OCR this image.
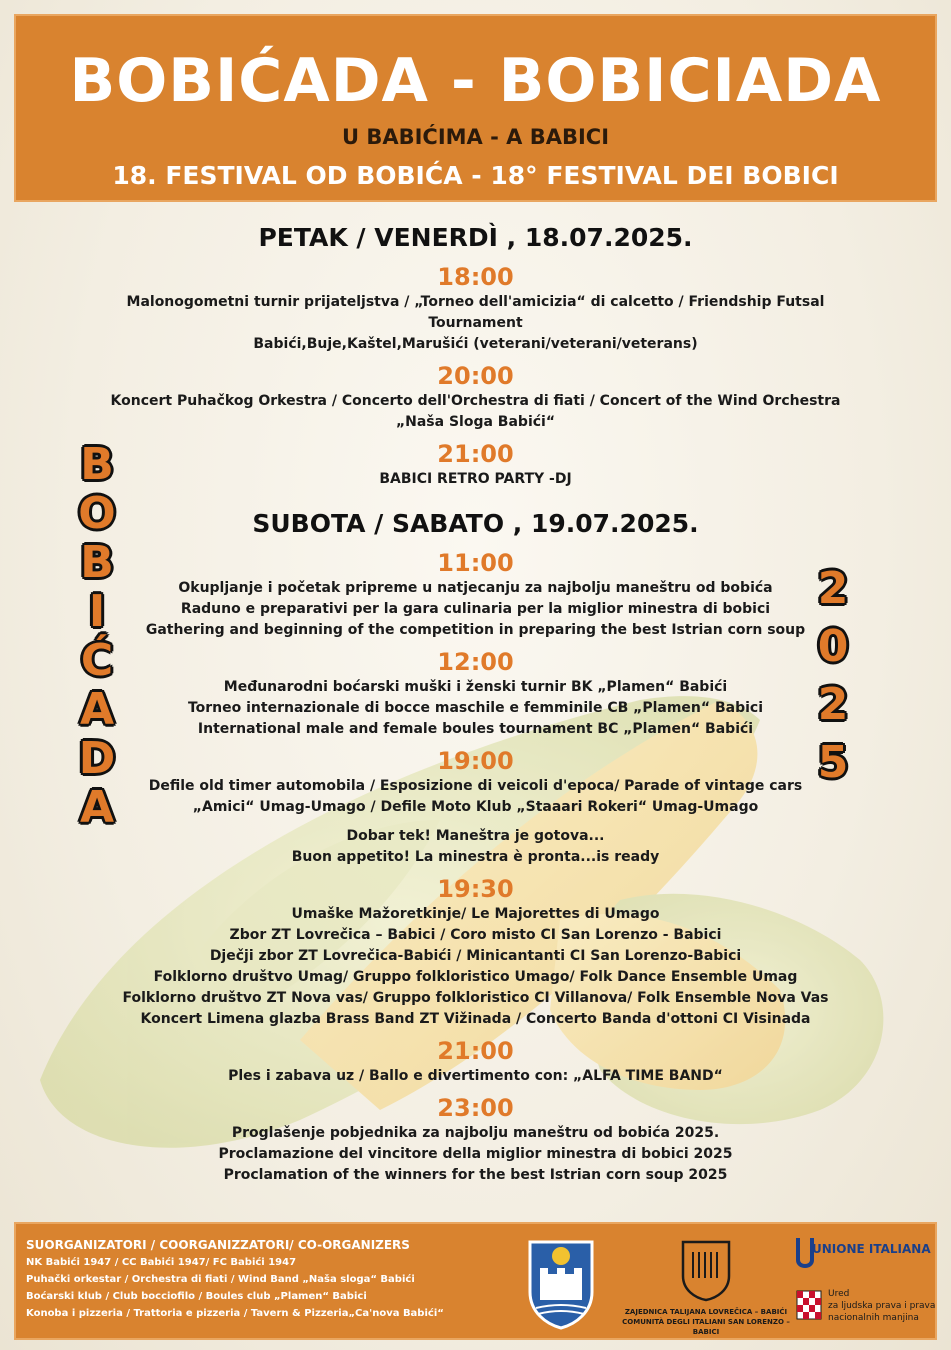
BOBIĆADA - BOBICIADA
U BABIĆIMA - A BABICI
18. FESTIVAL OD BOBIĆA - 18° FESTIVAL DEI BOBICI
B
O
B
I
Ć
A
D
A
2
0
2
5
PETAK / VENERDÌ , 18.07.2025.
18:00
Malonogometni turnir prijateljstva / „Torneo dell'amicizia“ di calcetto / Friendship Futsal Tournament
Babići,Buje,Kaštel,Marušići (veterani/veterani/veterans)
20:00
Koncert Puhačkog Orkestra / Concerto dell'Orchestra di fiati / Concert of the Wind Orchestra
„Naša Sloga Babići“
21:00
BABICI RETRO PARTY -DJ
SUBOTA / SABATO , 19.07.2025.
11:00
Okupljanje i početak pripreme u natjecanju za najbolju maneštru od bobića
Raduno e preparativi per la gara culinaria per la miglior minestra di bobici
Gathering and beginning of the competition in preparing the best Istrian corn soup
12:00
Međunarodni boćarski muški i ženski turnir BK „Plamen“ Babići
Torneo internazionale di bocce maschile e femminile CB „Plamen“ Babici
International male and female boules tournament BC „Plamen“ Babići
19:00
Defile old timer automobila / Esposizione di veicoli d'epoca/ Parade of vintage cars
„Amici“ Umag-Umago / Defile Moto Klub „Staaari Rokeri“ Umag-Umago
Dobar tek! Maneštra je gotova...
Buon appetito! La minestra è pronta...is ready
19:30
Umaške Mažoretkinje/ Le Majorettes di Umago
Zbor ZT Lovrečica – Babici / Coro misto CI San Lorenzo - Babici
Dječji zbor ZT Lovrečica-Babići / Minicantanti CI San Lorenzo-Babici
Folklorno društvo Umag/ Gruppo folkloristico Umago/ Folk Dance Ensemble Umag
Folklorno društvo ZT Nova vas/ Gruppo folkloristico CI Villanova/ Folk Ensemble Nova Vas
Koncert Limena glazba Brass Band ZT Vižinada / Concerto Banda d'ottoni CI Visinada
21:00
Ples i zabava uz / Ballo e divertimento con: „ALFA TIME BAND“
23:00
Proglašenje pobjednika za najbolju maneštru od bobića 2025.
Proclamazione del vincitore della miglior minestra di bobici 2025
Proclamation of the winners for the best Istrian corn soup 2025
SUORGANIZATORI / COORGANIZZATORI/ CO-ORGANIZERS
NK Babići 1947 / CC Babići 1947/ FC Babići 1947
Puhački orkestar / Orchestra di fiati / Wind Band „Naša sloga“ Babići
Boćarski klub / Club bocciofilo / Boules club „Plamen“ Babici
Konoba i pizzeria / Trattoria e pizzeria / Tavern & Pizzeria„Ca'nova Babići“	ZAJEDNICA TALIJANA LOVREČICA – BABIĆI
COMUNITÀ DEGLI ITALIANI SAN LORENZO – BABICI
UNIONE ITALIANA
Ured
za ljudska prava i prava
nacionalnih manjina
